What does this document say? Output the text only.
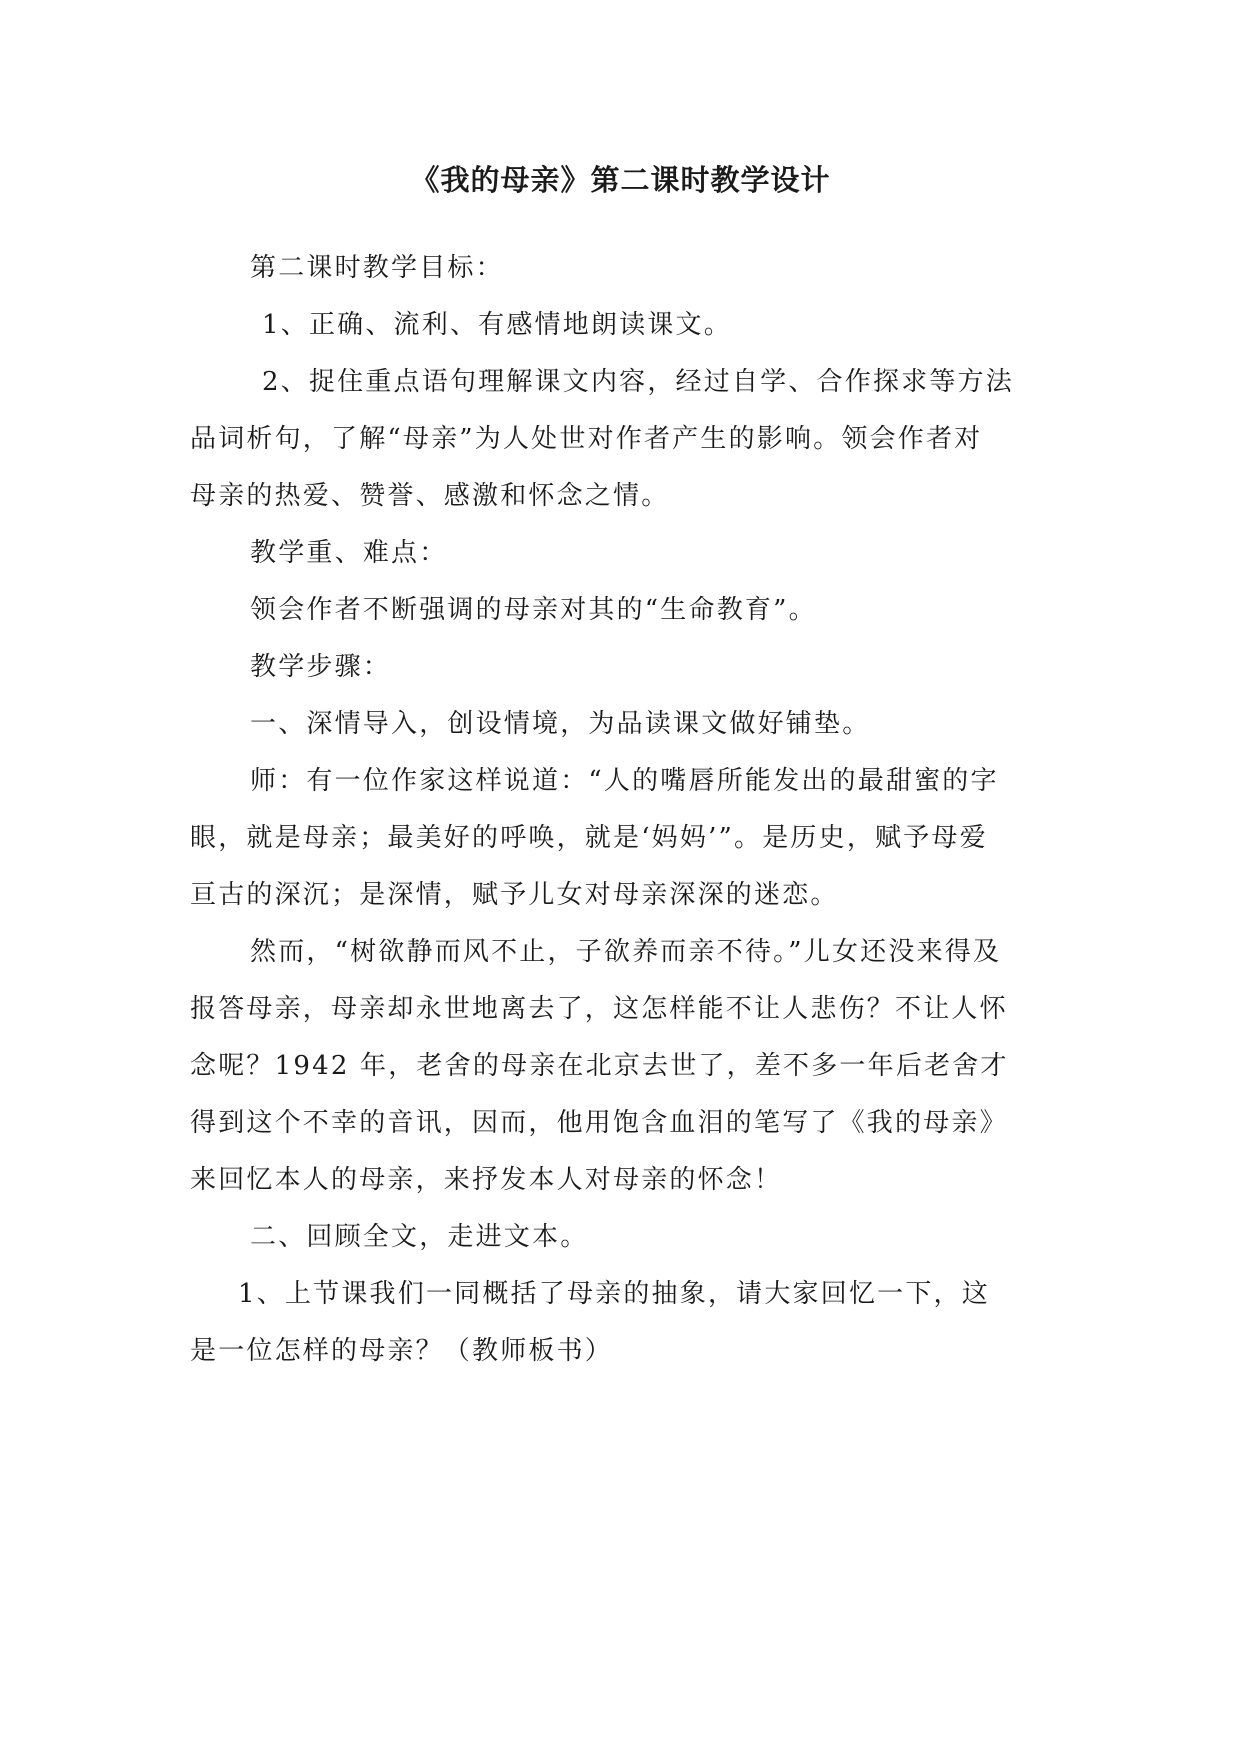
《我的母亲》第二课时教学设计
第二课时教学目标：
1、正确、流利、有感情地朗读课文。
2、捉住重点语句理解课文内容，经过自学、合作探求等方法
品词析句，了解“母亲”为人处世对作者产生的影响。领会作者对
母亲的热爱、赞誉、感激和怀念之情。
教学重、难点：
领会作者不断强调的母亲对其的“生命教育”。
教学步骤：
一、深情导入，创设情境，为品读课文做好铺垫。
师：有一位作家这样说道：“人的嘴唇所能发出的最甜蜜的字
眼，就是母亲；最美好的呼唤，就是‘妈妈’”。是历史，赋予母爱
亘古的深沉；是深情，赋予儿女对母亲深深的迷恋。
然而，“树欲静而风不止，子欲养而亲不待。”儿女还没来得及
报答母亲，母亲却永世地离去了，这怎样能不让人悲伤？不让人怀
念呢？1942 年，老舍的母亲在北京去世了，差不多一年后老舍才
得到这个不幸的音讯，因而，他用饱含血泪的笔写了《我的母亲》
来回忆本人的母亲，来抒发本人对母亲的怀念！
二、回顾全文，走进文本。
1、上节课我们一同概括了母亲的抽象，请大家回忆一下，这
是一位怎样的母亲？（教师板书）
